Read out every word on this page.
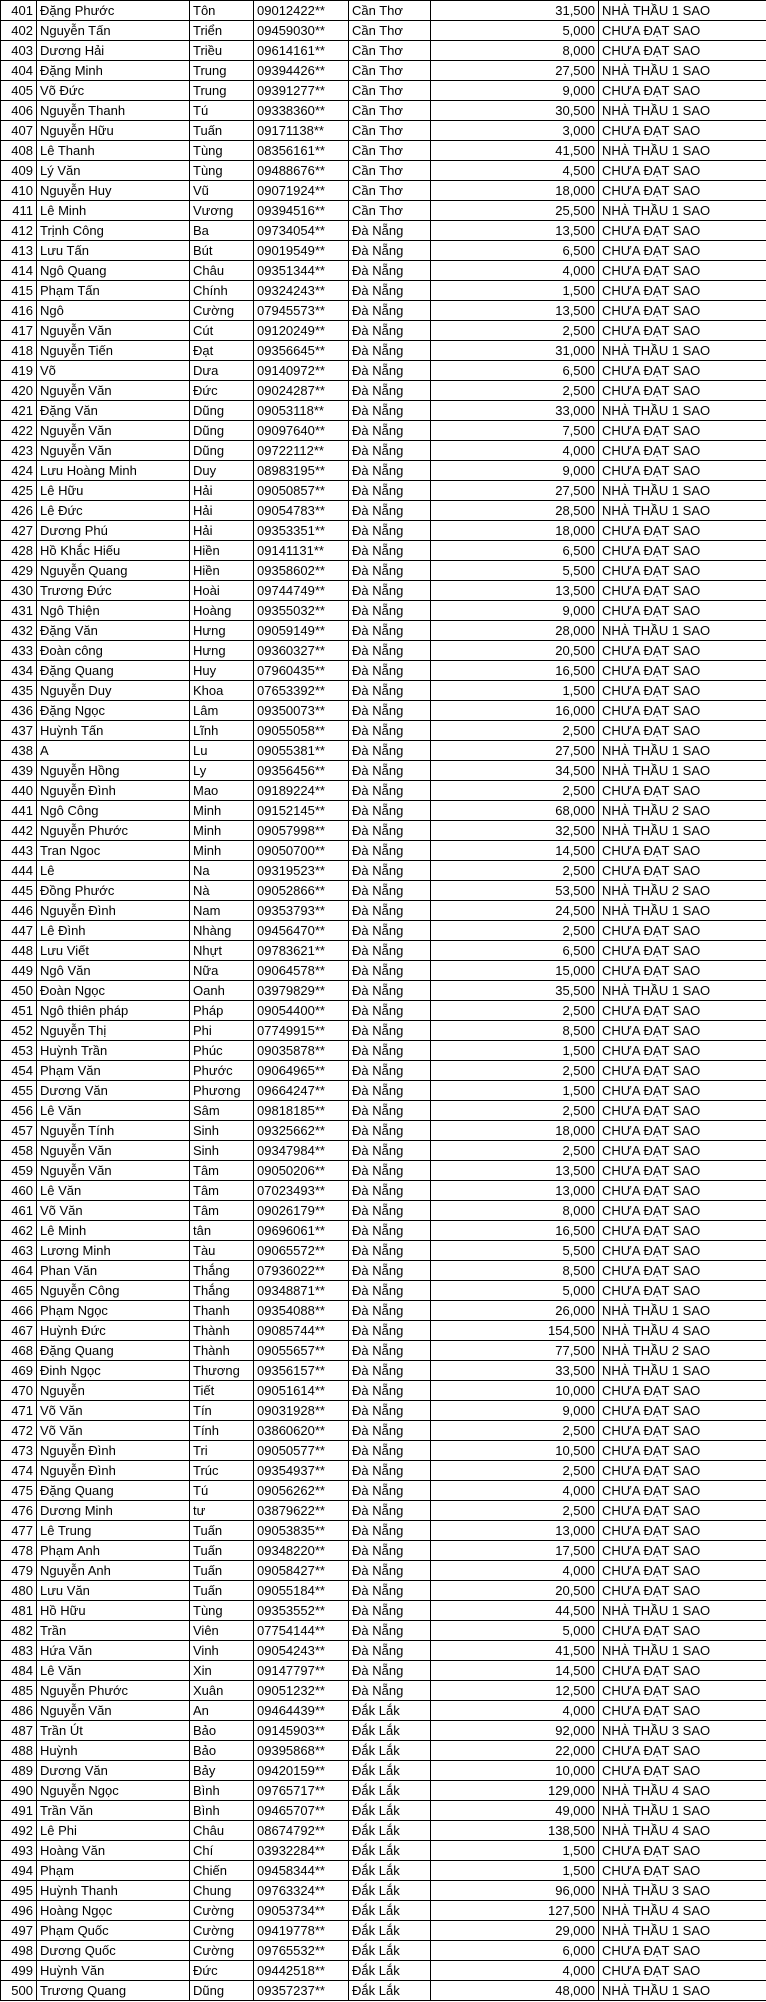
401	Đặng Phước	Tôn	09012422**	Cần Thơ	31,500	NHÀ THẦU 1 SAO
402	Nguyễn Tấn	Triển	09459030**	Cần Thơ	5,000	CHƯA ĐẠT SAO
403	Dương Hải	Triều	09614161**	Cần Thơ	8,000	CHƯA ĐẠT SAO
404	Đặng Minh	Trung	09394426**	Cần Thơ	27,500	NHÀ THẦU 1 SAO
405	Võ Đức	Trung	09391277**	Cần Thơ	9,000	CHƯA ĐẠT SAO
406	Nguyễn Thanh	Tú	09338360**	Cần Thơ	30,500	NHÀ THẦU 1 SAO
407	Nguyễn Hữu	Tuấn	09171138**	Cần Thơ	3,000	CHƯA ĐẠT SAO
408	Lê Thanh	Tùng	08356161**	Cần Thơ	41,500	NHÀ THẦU 1 SAO
409	Lý Văn	Tùng	09488676**	Cần Thơ	4,500	CHƯA ĐẠT SAO
410	Nguyễn Huy	Vũ	09071924**	Cần Thơ	18,000	CHƯA ĐẠT SAO
411	Lê Minh	Vương	09394516**	Cần Thơ	25,500	NHÀ THẦU 1 SAO
412	Trịnh Công	Ba	09734054**	Đà Nẵng	13,500	CHƯA ĐẠT SAO
413	Lưu Tấn	Bút	09019549**	Đà Nẵng	6,500	CHƯA ĐẠT SAO
414	Ngô Quang	Châu	09351344**	Đà Nẵng	4,000	CHƯA ĐẠT SAO
415	Phạm Tấn	Chính	09324243**	Đà Nẵng	1,500	CHƯA ĐẠT SAO
416	Ngô	Cường	07945573**	Đà Nẵng	13,500	CHƯA ĐẠT SAO
417	Nguyễn Văn	Cút	09120249**	Đà Nẵng	2,500	CHƯA ĐẠT SAO
418	Nguyễn Tiến	Đạt	09356645**	Đà Nẵng	31,000	NHÀ THẦU 1 SAO
419	Võ	Dưa	09140972**	Đà Nẵng	6,500	CHƯA ĐẠT SAO
420	Nguyễn Văn	Đức	09024287**	Đà Nẵng	2,500	CHƯA ĐẠT SAO
421	Đặng Văn	Dũng	09053118**	Đà Nẵng	33,000	NHÀ THẦU 1 SAO
422	Nguyễn Văn	Dũng	09097640**	Đà Nẵng	7,500	CHƯA ĐẠT SAO
423	Nguyễn Văn	Dũng	09722112**	Đà Nẵng	4,000	CHƯA ĐẠT SAO
424	Lưu Hoàng Minh	Duy	08983195**	Đà Nẵng	9,000	CHƯA ĐẠT SAO
425	Lê Hữu	Hải	09050857**	Đà Nẵng	27,500	NHÀ THẦU 1 SAO
426	Lê Đức	Hải	09054783**	Đà Nẵng	28,500	NHÀ THẦU 1 SAO
427	Dương Phú	Hải	09353351**	Đà Nẵng	18,000	CHƯA ĐẠT SAO
428	Hồ Khắc Hiếu	Hiền	09141131**	Đà Nẵng	6,500	CHƯA ĐẠT SAO
429	Nguyễn Quang	Hiền	09358602**	Đà Nẵng	5,500	CHƯA ĐẠT SAO
430	Trương Đức	Hoài	09744749**	Đà Nẵng	13,500	CHƯA ĐẠT SAO
431	Ngô Thiện	Hoàng	09355032**	Đà Nẵng	9,000	CHƯA ĐẠT SAO
432	Đặng Văn	Hưng	09059149**	Đà Nẵng	28,000	NHÀ THẦU 1 SAO
433	Đoàn công	Hưng	09360327**	Đà Nẵng	20,500	CHƯA ĐẠT SAO
434	Đặng Quang	Huy	07960435**	Đà Nẵng	16,500	CHƯA ĐẠT SAO
435	Nguyễn Duy	Khoa	07653392**	Đà Nẵng	1,500	CHƯA ĐẠT SAO
436	Đặng Ngọc	Lâm	09350073**	Đà Nẵng	16,000	CHƯA ĐẠT SAO
437	Huỳnh Tấn	Lĩnh	09055058**	Đà Nẵng	2,500	CHƯA ĐẠT SAO
438	A	Lu	09055381**	Đà Nẵng	27,500	NHÀ THẦU 1 SAO
439	Nguyễn Hồng	Ly	09356456**	Đà Nẵng	34,500	NHÀ THẦU 1 SAO
440	Nguyễn Đình	Mao	09189224**	Đà Nẵng	2,500	CHƯA ĐẠT SAO
441	Ngô Công	Minh	09152145**	Đà Nẵng	68,000	NHÀ THẦU 2 SAO
442	Nguyễn Phước	Minh	09057998**	Đà Nẵng	32,500	NHÀ THẦU 1 SAO
443	Tran Ngoc	Minh	09050700**	Đà Nẵng	14,500	CHƯA ĐẠT SAO
444	Lê	Na	09319523**	Đà Nẵng	2,500	CHƯA ĐẠT SAO
445	Đồng Phước	Nà	09052866**	Đà Nẵng	53,500	NHÀ THẦU 2 SAO
446	Nguyễn Đình	Nam	09353793**	Đà Nẵng	24,500	NHÀ THẦU 1 SAO
447	Lê Đình	Nhàng	09456470**	Đà Nẵng	2,500	CHƯA ĐẠT SAO
448	Lưu Viết	Nhựt	09783621**	Đà Nẵng	6,500	CHƯA ĐẠT SAO
449	Ngô Văn	Nữa	09064578**	Đà Nẵng	15,000	CHƯA ĐẠT SAO
450	Đoàn Ngọc	Oanh	03979829**	Đà Nẵng	35,500	NHÀ THẦU 1 SAO
451	Ngô thiên pháp	Pháp	09054400**	Đà Nẵng	2,500	CHƯA ĐẠT SAO
452	Nguyễn Thị	Phi	07749915**	Đà Nẵng	8,500	CHƯA ĐẠT SAO
453	Huỳnh Trần	Phúc	09035878**	Đà Nẵng	1,500	CHƯA ĐẠT SAO
454	Phạm Văn	Phước	09064965**	Đà Nẵng	2,500	CHƯA ĐẠT SAO
455	Dương Văn	Phương	09664247**	Đà Nẵng	1,500	CHƯA ĐẠT SAO
456	Lê Văn	Sâm	09818185**	Đà Nẵng	2,500	CHƯA ĐẠT SAO
457	Nguyễn Tính	Sinh	09325662**	Đà Nẵng	18,000	CHƯA ĐẠT SAO
458	Nguyễn Văn	Sinh	09347984**	Đà Nẵng	2,500	CHƯA ĐẠT SAO
459	Nguyễn Văn	Tâm	09050206**	Đà Nẵng	13,500	CHƯA ĐẠT SAO
460	Lê Văn	Tâm	07023493**	Đà Nẵng	13,000	CHƯA ĐẠT SAO
461	Võ Văn	Tâm	09026179**	Đà Nẵng	8,000	CHƯA ĐẠT SAO
462	Lê Minh	tân	09696061**	Đà Nẵng	16,500	CHƯA ĐẠT SAO
463	Lương Minh	Tàu	09065572**	Đà Nẵng	5,500	CHƯA ĐẠT SAO
464	Phan Văn	Thắng	07936022**	Đà Nẵng	8,500	CHƯA ĐẠT SAO
465	Nguyễn Công	Thắng	09348871**	Đà Nẵng	5,000	CHƯA ĐẠT SAO
466	Phạm Ngọc	Thanh	09354088**	Đà Nẵng	26,000	NHÀ THẦU 1 SAO
467	Huỳnh Đức	Thành	09085744**	Đà Nẵng	154,500	NHÀ THẦU 4 SAO
468	Đặng Quang	Thành	09055657**	Đà Nẵng	77,500	NHÀ THẦU 2 SAO
469	Đinh Ngọc	Thương	09356157**	Đà Nẵng	33,500	NHÀ THẦU 1 SAO
470	Nguyễn	Tiết	09051614**	Đà Nẵng	10,000	CHƯA ĐẠT SAO
471	Võ Văn	Tín	09031928**	Đà Nẵng	9,000	CHƯA ĐẠT SAO
472	Võ Văn	Tính	03860620**	Đà Nẵng	2,500	CHƯA ĐẠT SAO
473	Nguyễn Đình	Tri	09050577**	Đà Nẵng	10,500	CHƯA ĐẠT SAO
474	Nguyễn Đình	Trúc	09354937**	Đà Nẵng	2,500	CHƯA ĐẠT SAO
475	Đặng Quang	Tú	09056262**	Đà Nẵng	4,000	CHƯA ĐẠT SAO
476	Dương Minh	tư	03879622**	Đà Nẵng	2,500	CHƯA ĐẠT SAO
477	Lê Trung	Tuấn	09053835**	Đà Nẵng	13,000	CHƯA ĐẠT SAO
478	Phạm Anh	Tuấn	09348220**	Đà Nẵng	17,500	CHƯA ĐẠT SAO
479	Nguyễn Anh	Tuấn	09058427**	Đà Nẵng	4,000	CHƯA ĐẠT SAO
480	Lưu Văn	Tuấn	09055184**	Đà Nẵng	20,500	CHƯA ĐẠT SAO
481	Hồ Hữu	Tùng	09353552**	Đà Nẵng	44,500	NHÀ THẦU 1 SAO
482	Trần	Viên	07754144**	Đà Nẵng	5,000	CHƯA ĐẠT SAO
483	Hứa Văn	Vinh	09054243**	Đà Nẵng	41,500	NHÀ THẦU 1 SAO
484	Lê Văn	Xin	09147797**	Đà Nẵng	14,500	CHƯA ĐẠT SAO
485	Nguyễn Phước	Xuân	09051232**	Đà Nẵng	12,500	CHƯA ĐẠT SAO
486	Nguyễn Văn	An	09464439**	Đắk Lắk	4,000	CHƯA ĐẠT SAO
487	Trần Út	Bảo	09145903**	Đắk Lắk	92,000	NHÀ THẦU 3 SAO
488	Huỳnh	Bảo	09395868**	Đắk Lắk	22,000	CHƯA ĐẠT SAO
489	Dương Văn	Bảy	09420159**	Đắk Lắk	10,000	CHƯA ĐẠT SAO
490	Nguyễn Ngọc	Bình	09765717**	Đắk Lắk	129,000	NHÀ THẦU 4 SAO
491	Trần Văn	Bình	09465707**	Đắk Lắk	49,000	NHÀ THẦU 1 SAO
492	Lê Phi	Châu	08674792**	Đắk Lắk	138,500	NHÀ THẦU 4 SAO
493	Hoàng Văn	Chí	03932284**	Đắk Lắk	1,500	CHƯA ĐẠT SAO
494	Phạm	Chiến	09458344**	Đắk Lắk	1,500	CHƯA ĐẠT SAO
495	Huỳnh Thanh	Chung	09763324**	Đắk Lắk	96,000	NHÀ THẦU 3 SAO
496	Hoàng Ngọc	Cường	09053734**	Đắk Lắk	127,500	NHÀ THẦU 4 SAO
497	Phạm Quốc	Cường	09419778**	Đắk Lắk	29,000	NHÀ THẦU 1 SAO
498	Dương Quốc	Cường	09765532**	Đắk Lắk	6,000	CHƯA ĐẠT SAO
499	Huỳnh Văn	Đức	09442518**	Đắk Lắk	4,000	CHƯA ĐẠT SAO
500	Trương Quang	Dũng	09357237**	Đắk Lắk	48,000	NHÀ THẦU 1 SAO
